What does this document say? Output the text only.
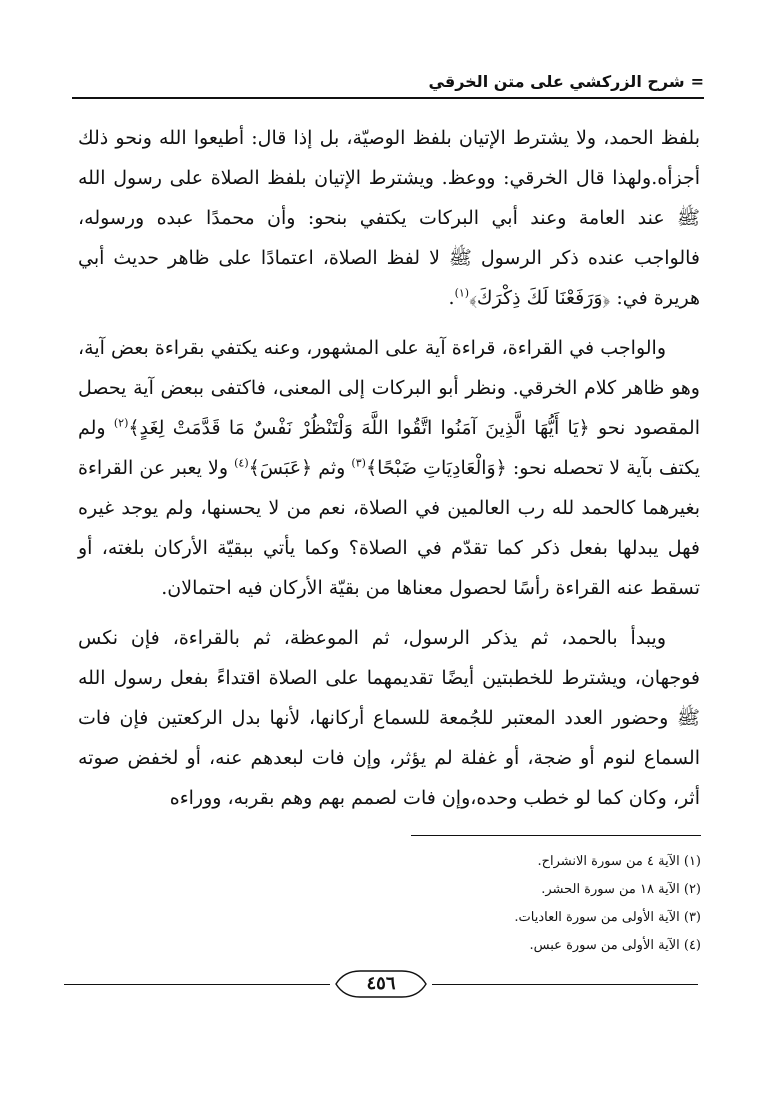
=شرح الزركشي على متن الخرقي

بلفظ الحمد، ولا يشترط الإتيان بلفظ الوصيّة، بل إذا قال: أطيعوا الله ونحو ذلك أجزأه.ولهذا قال الخرقي: ووعظ. ويشترط الإتيان بلفظ الصلاة على رسول الله ﷺ عند العامة وعند أبي البركات يكتفي بنحو: وأن محمدًا عبده ورسوله، فالواجب عنده ذكر الرسول ﷺ لا لفظ الصلاة، اعتمادًا على ظاهر حديث أبي هريرة في: ﴿وَرَفَعْنَا لَكَ ذِكْرَكَ﴾$^{(١)}$.

والواجب في القراءة، قراءة آية على المشهور، وعنه يكتفي بقراءة بعض آية، وهو ظاهر كلام الخرقي. ونظر أبو البركات إلى المعنى، فاكتفى ببعض آية يحصل المقصود نحو ﴿يَا أَيُّهَا الَّذِينَ آمَنُوا اتَّقُوا اللَّهَ وَلْتَنْظُرْ نَفْسٌ مَا قَدَّمَتْ لِغَدٍ﴾$^{(٢)}$ ولم يكتف بآية لا تحصله نحو: ﴿وَالْعَادِيَاتِ ضَبْحًا﴾$^{(٣)}$ وثم ﴿عَبَسَ﴾$^{(٤)}$ ولا يعبر عن القراءة بغيرهما كالحمد لله رب العالمين في الصلاة، نعم من لا يحسنها، ولم يوجد غيره فهل يبدلها بفعل ذكر كما تقدّم في الصلاة؟ وكما يأتي ببقيّة الأركان بلغته، أو تسقط عنه القراءة رأسًا لحصول معناها من بقيّة الأركان فيه احتمالان.

ويبدأ بالحمد، ثم يذكر الرسول، ثم الموعظة، ثم بالقراءة، فإن نكس فوجهان، ويشترط للخطبتين أيضًا تقديمهما على الصلاة اقتداءً بفعل رسول الله ﷺ وحضور العدد المعتبر للجُمعة للسماع أركانها، لأنها بدل الركعتين فإن فات السماع لنوم أو ضجة، أو غفلة لم يؤثر، وإن فات لبعدهم عنه، أو لخفض صوته أثر، وكان كما لو خطب وحده،وإن فات لصمم بهم وهم بقربه، ووراءه

(١) الآية ٤ من سورة الانشراح.
(٢) الآية ١٨ من سورة الحشر.
(٣) الآية الأولى من سورة العاديات.
(٤) الآية الأولى من سورة عبس.
٤٥٦
